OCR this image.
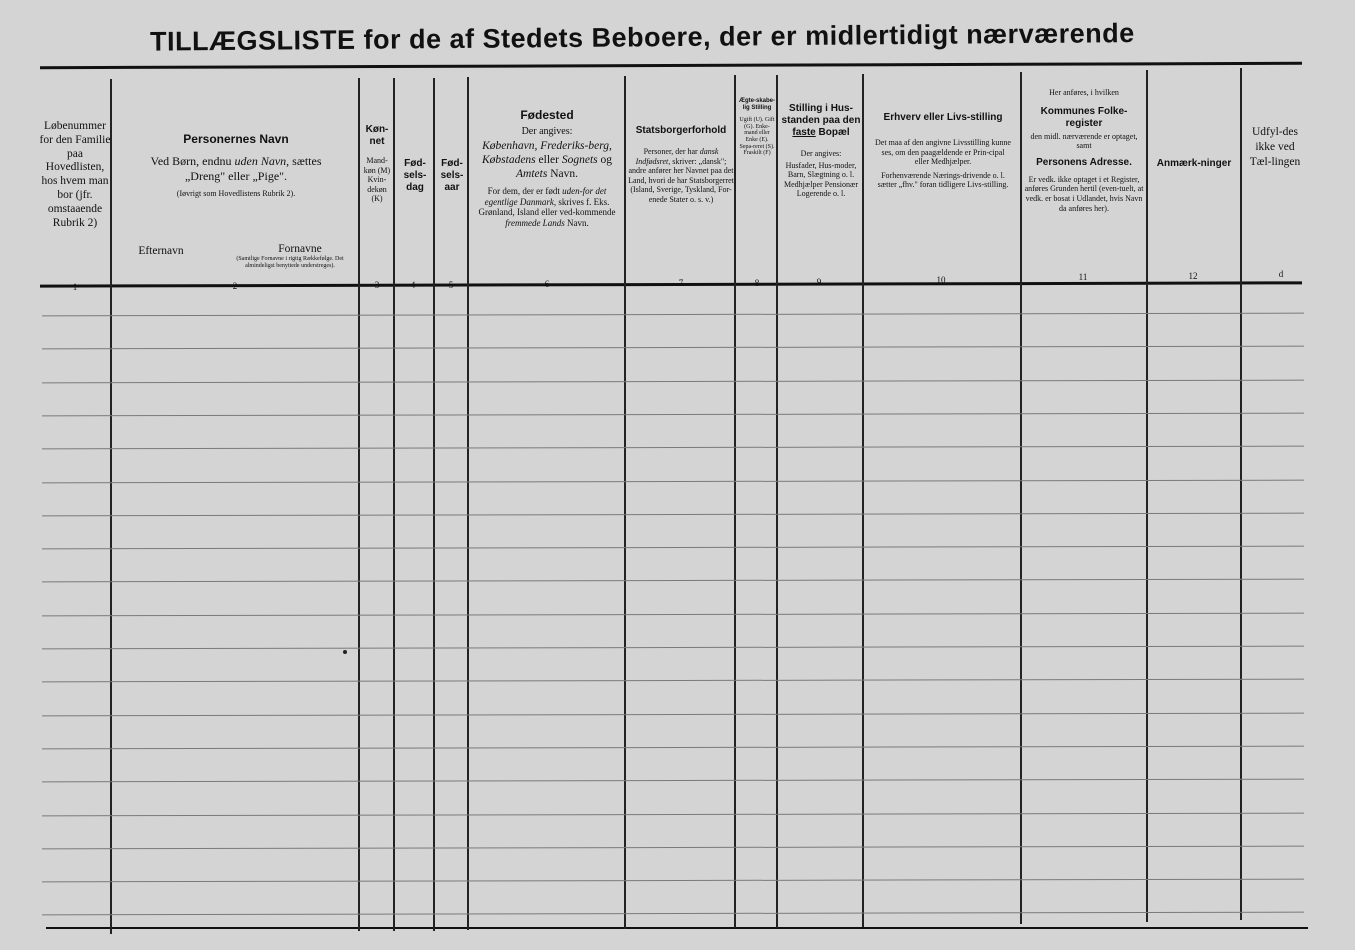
TILLÆGSLISTE for de af Stedets Beboere, der er midlertidigt nærværende
Løbenummer for den Familie paa Hovedlisten, hos hvem man bor (jfr. omstaaende Rubrik 2)
1
Personernes Navn
Ved Børn, endnu uden Navn, sættes
„Dreng" eller „Pige".
(Iøvrigt som Hovedlistens Rubrik 2).
Efternavn	Fornavne
(Samtlige Fornavne i rigtig Rækkefølge. Det almindeligst benyttede understreges).
2
Køn-net
Mand-køn (M) Kvin-dekøn (K)
3
Fød-sels-dag
4
Fød-sels-aar
5
Fødested
Der angives:
København, Frederiks-berg, Købstadens eller Sognets og Amtets Navn.
For dem, der er født uden-for det egentlige Danmark, skrives f. Eks. Grønland, Island eller ved-kommende fremmede Lands Navn.
6
Statsborgerforhold
Personer, der har dansk Indfødsret, skriver: „dansk"; andre anfører her Navnet paa det Land, hvori de har Statsborgerret (Island, Sverige, Tyskland, For-enede Stater o. s. v.)
7
Ægte-skabe-lig Stilling
Ugift (U). Gift (G). Enke-mand eller Enke (E). Sepa-reret (S). Fraskilt (F)
8
Stilling i Hus-standen paa den faste Bopæl
Der angives:
Husfader, Hus-moder, Barn, Slægtning o. l. Medhjælper Pensionær Logerende o. l.
9
Erhverv eller Livs-stilling
Det maa af den angivne Livsstilling kunne ses, om den paagældende er Prin-cipal eller Medhjælper.
Forhenværende Nærings-drivende o. l. sætter „fhv." foran tidligere Livs-stilling.
10
Her anføres, i hvilken
Kommunes Folke-register
den midl. nærværende er optaget, samt
Personens Adresse.
Er vedk. ikke optaget i et Register, anføres Grunden hertil (even-tuelt, at vedk. er bosat i Udlandet, hvis Navn da anføres her).
11
Anmærk-ninger
12
Udfyl-des ikke ved Tæl-lingen
d
